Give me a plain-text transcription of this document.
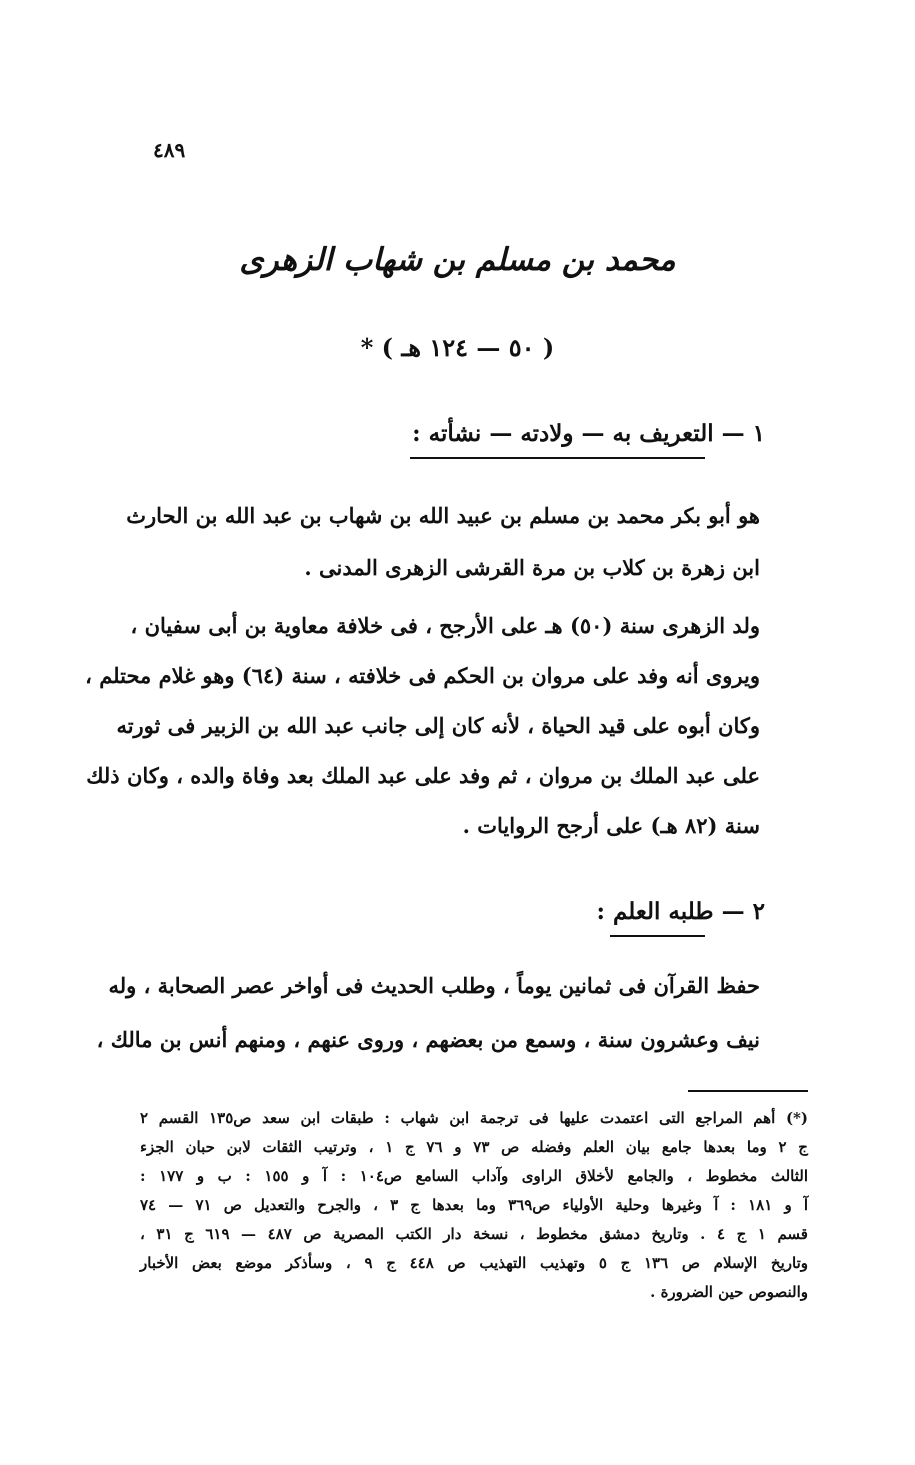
٤٨٩
محمد بن مسلم بن شهاب الزهرى
( ٥٠ — ١٢٤ هـ ) *
١ — التعريف به — ولادته — نشأته :
هو أبو بكر محمد بن مسلم بن عبيد الله بن شهاب بن عبد الله بن الحارث
ابن زهرة بن كلاب بن مرة القرشى الزهرى المدنى .
ولد الزهرى سنة (٥٠) هـ على الأرجح ، فى خلافة معاوية بن أبى سفيان ،
ويروى أنه وفد على مروان بن الحكم فى خلافته ، سنة (٦٤) وهو غلام محتلم ،
وكان أبوه على قيد الحياة ، لأنه كان إلى جانب عبد الله بن الزبير فى ثورته
على عبد الملك بن مروان ، ثم وفد على عبد الملك بعد وفاة والده ، وكان ذلك
سنة (٨٢ هـ) على أرجح الروايات .
٢ — طلبه العلم :
حفظ القرآن فى ثمانين يوماً ، وطلب الحديث فى أواخر عصر الصحابة ، وله
نيف وعشرون سنة ، وسمع من بعضهم ، وروى عنهم ، ومنهم أنس بن مالك ،
(*) أهم المراجع التى اعتمدت عليها فى ترجمة ابن شهاب : طبقات ابن سعد ص١٣٥ القسم ٢
ج ٢ وما بعدها جامع بيان العلم وفضله ص ٧٣ و ٧٦ ج ١ ، وترتيب الثقات لابن حبان الجزء
الثالث مخطوط ، والجامع لأخلاق الراوى وآداب السامع ص١٠٤ : آ و ١٥٥ : ب و ١٧٧ :
آ و ١٨١ : آ وغيرها وحلية الأولياء ص٣٦٩ وما بعدها ج ٣ ، والجرح والتعديل ص ٧١ — ٧٤
قسم ١ ج ٤ . وتاريخ دمشق مخطوط ، نسخة دار الكتب المصرية ص ٤٨٧ — ٦١٩ ج ٣١ ،
وتاريخ الإسلام ص ١٣٦ ج ٥ وتهذيب التهذيب ص ٤٤٨ ج ٩ ، وسأذكر موضع بعض الأخبار
والنصوص حين الضرورة .
